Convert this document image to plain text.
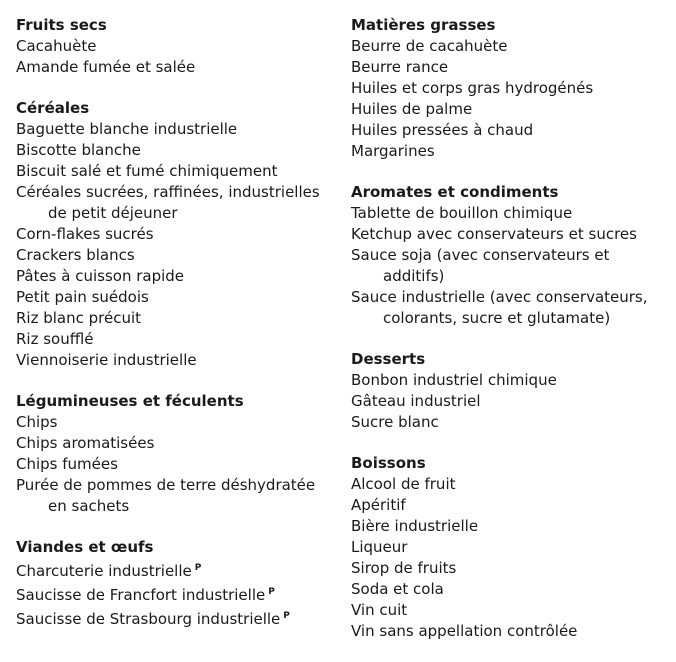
Fruits secs
Cacahuète
Amande fumée et salée
Céréales
Baguette blanche industrielle
Biscotte blanche
Biscuit salé et fumé chimiquement
Céréales sucrées, raffinées, industrielles de petit déjeuner
Corn-flakes sucrés
Crackers blancs
Pâtes à cuisson rapide
Petit pain suédois
Riz blanc précuit
Riz soufflé
Viennoiserie industrielle
Légumineuses et féculents
Chips
Chips aromatisées
Chips fumées
Purée de pommes de terre déshydratée en sachets
Viandes et œufs
Charcuterie industrielle $^P$
Saucisse de Francfort industrielle $^P$
Saucisse de Strasbourg industrielle $^P$
Matières grasses
Beurre de cacahuète
Beurre rance
Huiles et corps gras hydrogénés
Huiles de palme
Huiles pressées à chaud
Margarines
Aromates et condiments
Tablette de bouillon chimique
Ketchup avec conservateurs et sucres
Sauce soja (avec conservateurs et additifs)
Sauce industrielle (avec conservateurs, colorants, sucre et glutamate)
Desserts
Bonbon industriel chimique
Gâteau industriel
Sucre blanc
Boissons
Alcool de fruit
Apéritif
Bière industrielle
Liqueur
Sirop de fruits
Soda et cola
Vin cuit
Vin sans appellation contrôlée
